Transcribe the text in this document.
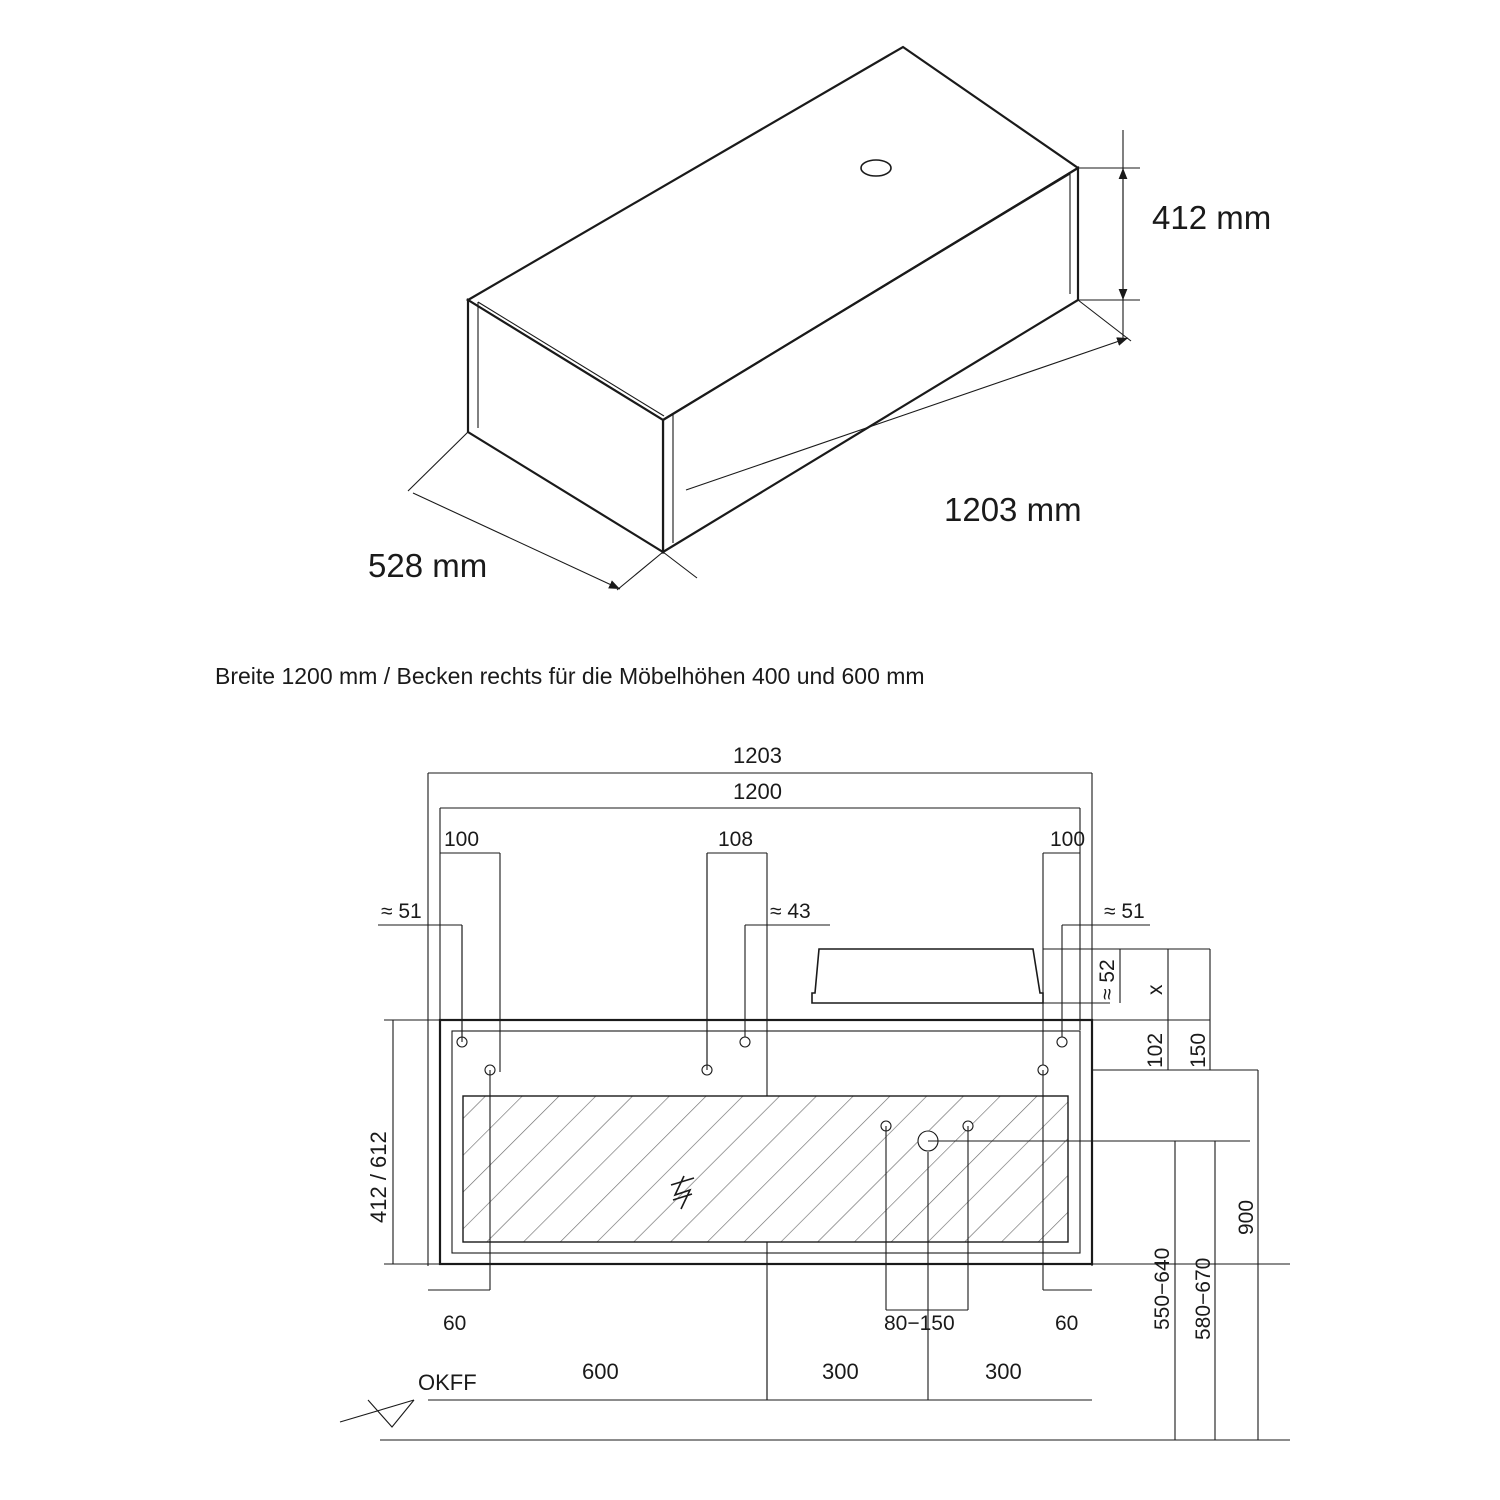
412 mm
1203 mm
528 mm
Breite 1200 mm / Becken rechts für die Möbelhöhen 400 und 600 mm
1203
1200
100	108	100
≈ 51	≈ 43	≈ 51
≈ 52 x
412 / 612
102 150
60	80−150	60
600	300	300
550−640 580−670
900
OKFF
